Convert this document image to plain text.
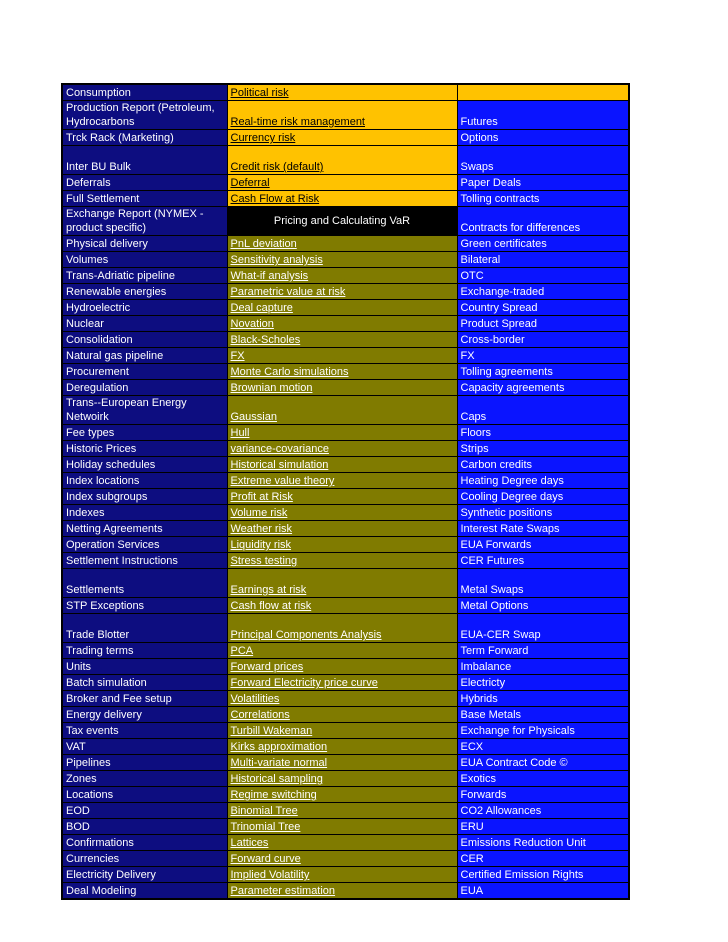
Consumption	Political risk	
Production Report (Petroleum, Hydrocarbons	Real-time risk management	Futures
Trck Rack (Marketing)	Currency risk	Options
Inter BU Bulk	Credit risk (default)	Swaps
Deferrals	Deferral	Paper Deals
Full Settlement	Cash Flow at Risk	Tolling contracts
Exchange Report (NYMEX - product specific)	Pricing and Calculating VaR	Contracts for differences
Physical delivery	PnL deviation	Green certificates
Volumes	Sensitivity analysis	Bilateral
Trans-Adriatic pipeline	What-if analysis	OTC
Renewable energies	Parametric value at risk	Exchange-traded
Hydroelectric	Deal capture	Country Spread
Nuclear	Novation	Product Spread
Consolidation	Black-Scholes	Cross-border
Natural gas pipeline	FX	FX
Procurement	Monte Carlo simulations	Tolling agreements
Deregulation	Brownian motion	Capacity agreements
Trans--European Energy Netwoirk	Gaussian	Caps
Fee types	Hull	Floors
Historic Prices	variance-covariance	Strips
Holiday schedules	Historical simulation	Carbon credits
Index locations	Extreme value theory	Heating Degree days
Index subgroups	Profit at Risk	Cooling Degree days
Indexes	Volume risk	Synthetic positions
Netting Agreements	Weather risk	Interest Rate Swaps
Operation Services	Liquidity risk	EUA Forwards
Settlement Instructions	Stress testing	CER Futures
Settlements	Earnings at risk	Metal Swaps
STP Exceptions	Cash flow at risk	Metal Options
Trade Blotter	Principal Components Analysis	EUA-CER Swap
Trading terms	PCA	Term Forward
Units	Forward prices	Imbalance
Batch simulation	Forward Electricity price curve	Electricty
Broker and Fee setup	Volatilities	Hybrids
Energy delivery	Correlations	Base Metals
Tax events	Turbill Wakeman	Exchange for Physicals
VAT	Kirks approximation	ECX
Pipelines	Multi-variate normal	EUA Contract Code ©
Zones	Historical sampling	Exotics
Locations	Regime switching	Forwards
EOD	Binomial Tree	CO2 Allowances
BOD	Trinomial Tree	ERU
Confirmations	Lattices	Emissions Reduction Unit
Currencies	Forward curve	CER
Electricity Delivery	Implied Volatility	Certified Emission Rights
Deal Modeling	Parameter estimation	EUA
